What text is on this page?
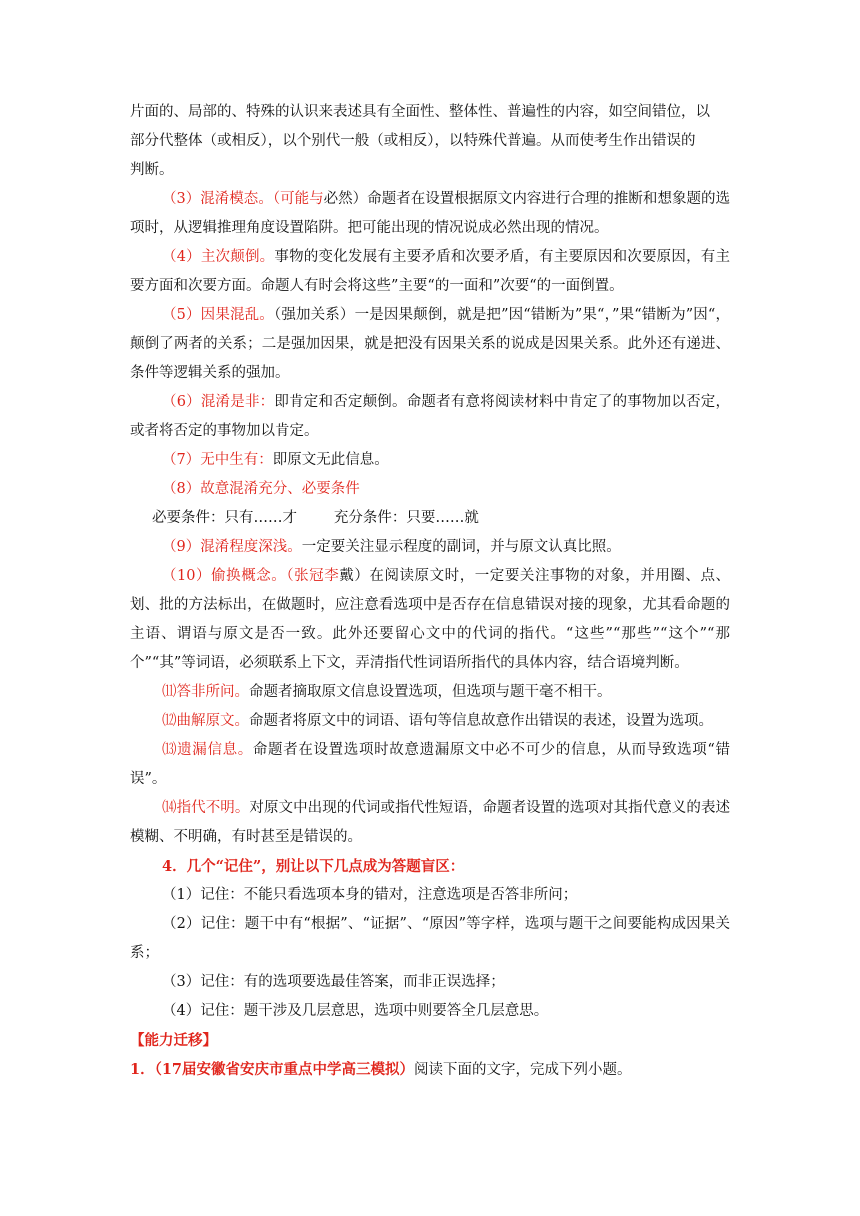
片面的、局部的、特殊的认识来表述具有全面性、整体性、普遍性的内容，如空间错位，以
部分代整体（或相反），以个别代一般（或相反），以特殊代普遍。从而使考生作出错误的
判断。

（3）混淆模态。（可能与必然）命题者在设置根据原文内容进行合理的推断和想象题的选项时，从逻辑推理角度设置陷阱。把可能出现的情况说成必然出现的情况。

（4）主次颠倒。事物的变化发展有主要矛盾和次要矛盾，有主要原因和次要原因，有主要方面和次要方面。命题人有时会将这些”主要“的一面和”次要“的一面倒置。

（5）因果混乱。（强加关系）一是因果颠倒，就是把”因“错断为”果“，”果“错断为”因“，颠倒了两者的关系；二是强加因果，就是把没有因果关系的说成是因果关系。此外还有递进、条件等逻辑关系的强加。

（6）混淆是非：即肯定和否定颠倒。命题者有意将阅读材料中肯定了的事物加以否定，或者将否定的事物加以肯定。

（7）无中生有：即原文无此信息。

（8）故意混淆充分、必要条件

必要条件：只有……才        充分条件：只要……就

（9）混淆程度深浅。一定要关注显示程度的副词，并与原文认真比照。

（10）偷换概念。（张冠李戴）在阅读原文时，一定要关注事物的对象，并用圈、点、划、批的方法标出，在做题时，应注意看选项中是否存在信息错误对接的现象，尤其看命题的主语、谓语与原文是否一致。此外还要留心文中的代词的指代。“这些”“那些”“这个”“那个”“其”等词语，必须联系上下文，弄清指代性词语所指代的具体内容，结合语境判断。

⑾答非所问。命题者摘取原文信息设置选项，但选项与题干毫不相干。

⑿曲解原文。命题者将原文中的词语、语句等信息故意作出错误的表述，设置为选项。

⒀遗漏信息。命题者在设置选项时故意遗漏原文中必不可少的信息，从而导致选项“错误”。

⒁指代不明。对原文中出现的代词或指代性短语，命题者设置的选项对其指代意义的表述模糊、不明确，有时甚至是错误的。

4．几个“记住”，别让以下几点成为答题盲区：

（1）记住：不能只看选项本身的错对，注意选项是否答非所问；

（2）记住：题干中有“根据”、“证据”、“原因”等字样，选项与题干之间要能构成因果关系；

（3）记住：有的选项要选最佳答案，而非正误选择；

（4）记住：题干涉及几层意思，选项中则要答全几层意思。

【能力迁移】

1．（17届安徽省安庆市重点中学高三模拟）阅读下面的文字，完成下列小题。
